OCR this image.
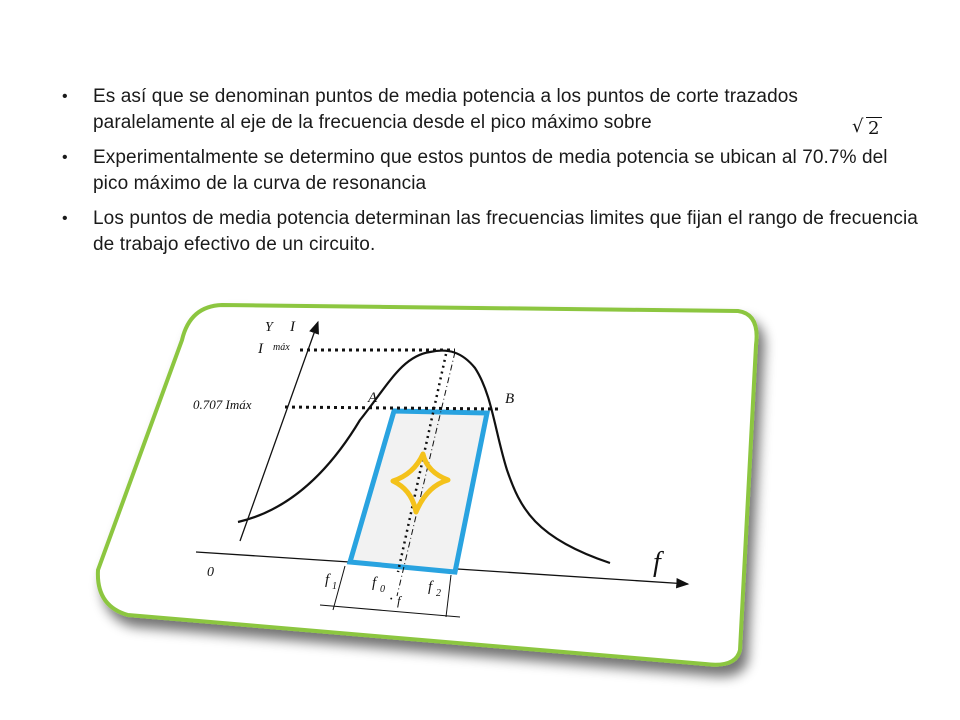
• Es así que se denominan puntos de media potencia a los puntos de corte trazados paralelamente al eje de la frecuencia desde el pico máximo sobre
• Experimentalmente se determino que estos puntos de media potencia se ubican al 70.7% del pico máximo de la curva de resonancia
• Los puntos de media potencia determinan las frecuencias limites que fijan el rango de frecuencia de trabajo efectivo de un circuito.
√ 2
Y I
I máx
0.707 Imáx	A	B
0	f
f 1 f 0	f 2
· f
